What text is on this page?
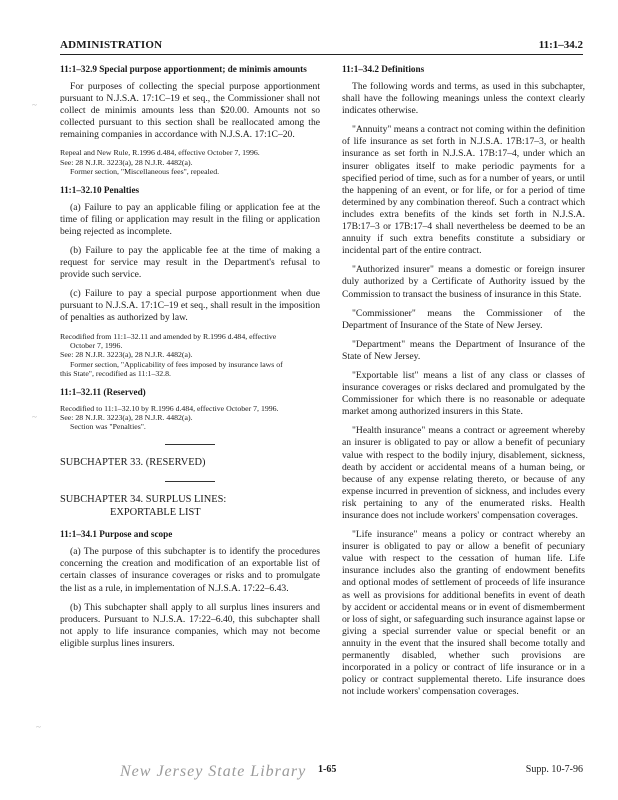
ADMINISTRATION	11:1–34.2
11:1–32.9 Special purpose apportionment; de minimis amounts

For purposes of collecting the special purpose apportionment pursuant to N.J.S.A. 17:1C–19 et seq., the Commissioner shall not collect de minimis amounts less than $20.00. Amounts not so collected pursuant to this section shall be reallocated among the remaining companies in accordance with N.J.S.A. 17:1C–20.

Repeal and New Rule, R.1996 d.484, effective October 7, 1996.
See: 28 N.J.R. 3223(a), 28 N.J.R. 4482(a).
Former section, "Miscellaneous fees", repealed.
11:1–32.10 Penalties

(a) Failure to pay an applicable filing or application fee at the time of filing or application may result in the filing or application being rejected as incomplete.

(b) Failure to pay the applicable fee at the time of making a request for service may result in the Department's refusal to provide such service.

(c) Failure to pay a special purpose apportionment when due pursuant to N.J.S.A. 17:1C–19 et seq., shall result in the imposition of penalties as authorized by law.

Recodified from 11:1–32.11 and amended by R.1996 d.484, effective
October 7, 1996.
See: 28 N.J.R. 3223(a), 28 N.J.R. 4482(a).
Former section, "Applicability of fees imposed by insurance laws of
this State", recodified as 11:1–32.8.
11:1–32.11 (Reserved)
Recodified to 11:1–32.10 by R.1996 d.484, effective October 7, 1996.
See: 28 N.J.R. 3223(a), 28 N.J.R. 4482(a).
Section was "Penalties".
SUBCHAPTER 33. (RESERVED)
SUBCHAPTER 34. SURPLUS LINES:
EXPORTABLE LIST
11:1–34.1 Purpose and scope

(a) The purpose of this subchapter is to identify the procedures concerning the creation and modification of an exportable list of certain classes of insurance coverages or risks and to promulgate the list as a rule, in implementation of N.J.S.A. 17:22–6.43.

(b) This subchapter shall apply to all surplus lines insurers and producers. Pursuant to N.J.S.A. 17:22–6.40, this subchapter shall not apply to life insurance companies, which may not become eligible surplus lines insurers.

11:1–34.2 Definitions

The following words and terms, as used in this subchapter, shall have the following meanings unless the context clearly indicates otherwise.

"Annuity" means a contract not coming within the definition of life insurance as set forth in N.J.S.A. 17B:17–3, or health insurance as set forth in N.J.S.A. 17B:17–4, under which an insurer obligates itself to make periodic payments for a specified period of time, such as for a number of years, or until the happening of an event, or for life, or for a period of time determined by any combination thereof. Such a contract which includes extra benefits of the kinds set forth in N.J.S.A. 17B:17–3 or 17B:17–4 shall nevertheless be deemed to be an annuity if such extra benefits constitute a subsidiary or incidental part of the entire contract.

"Authorized insurer" means a domestic or foreign insurer duly authorized by a Certificate of Authority issued by the Commission to transact the business of insurance in this State.

"Commissioner" means the Commissioner of the Department of Insurance of the State of New Jersey.

"Department" means the Department of Insurance of the State of New Jersey.

"Exportable list" means a list of any class or classes of insurance coverages or risks declared and promulgated by the Commissioner for which there is no reasonable or adequate market among authorized insurers in this State.

"Health insurance" means a contract or agreement whereby an insurer is obligated to pay or allow a benefit of pecuniary value with respect to the bodily injury, disablement, sickness, death by accident or accidental means of a human being, or because of any expense relating thereto, or because of any expense incurred in prevention of sickness, and includes every risk pertaining to any of the enumerated risks. Health insurance does not include workers' compensation coverages.

"Life insurance" means a policy or contract whereby an insurer is obligated to pay or allow a benefit of pecuniary value with respect to the cessation of human life. Life insurance includes also the granting of endowment benefits and optional modes of settlement of proceeds of life insurance as well as provisions for additional benefits in event of death by accident or accidental means or in event of dismemberment or loss of sight, or safeguarding such insurance against lapse or giving a special surrender value or special benefit or an annuity in the event that the insured shall become totally and permanently disabled, whether such provisions are incorporated in a policy or contract of life insurance or in a policy or contract supplemental thereto. Life insurance does not include workers' compensation coverages.

~
~
~
New Jersey State Library 1-65	Supp. 10-7-96
